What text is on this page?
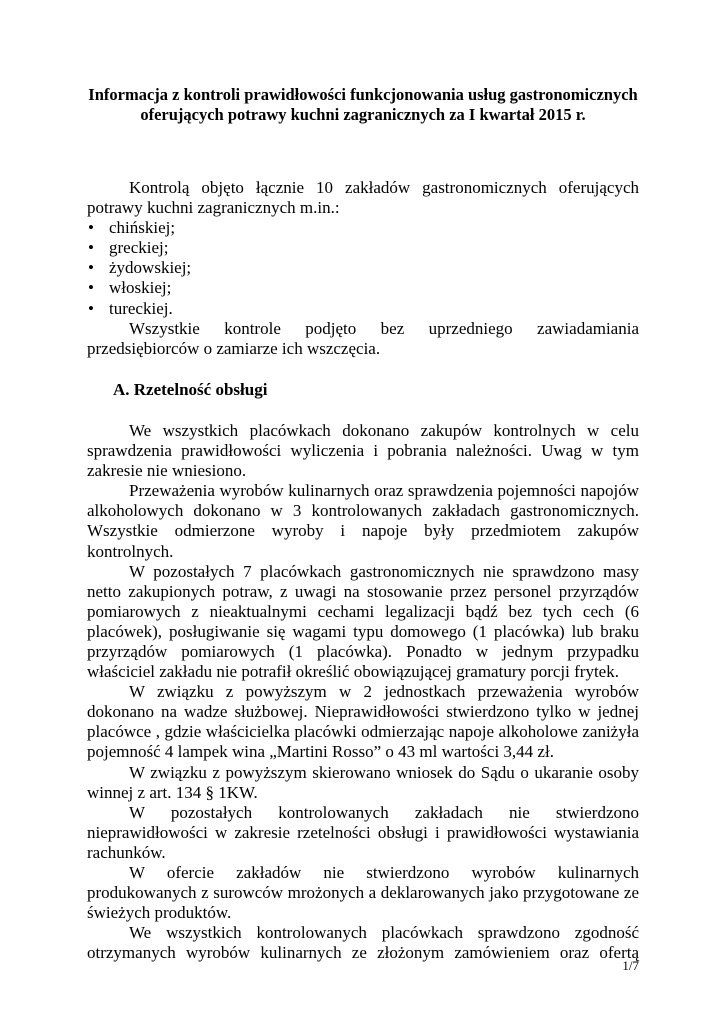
Informacja z kontroli prawidłowości funkcjonowania usług gastronomicznych oferujących potrawy kuchni zagranicznych za I kwartał 2015 r.

Kontrolą objęto łącznie 10 zakładów gastronomicznych oferujących potrawy kuchni zagranicznych m.in.:

• chińskiej;
• greckiej;
• żydowskiej;
• włoskiej;
• tureckiej.

Wszystkie kontrole podjęto bez uprzedniego zawiadamiania przedsiębiorców o zamiarze ich wszczęcia.

A. Rzetelność obsługi

We wszystkich placówkach dokonano zakupów kontrolnych w celu sprawdzenia prawidłowości wyliczenia i pobrania należności. Uwag w tym zakresie nie wniesiono.

Przeważenia wyrobów kulinarnych oraz sprawdzenia pojemności napojów alkoholowych dokonano w 3 kontrolowanych zakładach gastronomicznych. Wszystkie odmierzone wyroby i napoje były przedmiotem zakupów kontrolnych.

W pozostałych 7 placówkach gastronomicznych nie sprawdzono masy netto zakupionych potraw, z uwagi na stosowanie przez personel przyrządów pomiarowych z nieaktualnymi cechami legalizacji bądź bez tych cech (6 placówek), posługiwanie się wagami typu domowego (1 placówka) lub braku przyrządów pomiarowych (1 placówka). Ponadto w jednym przypadku właściciel zakładu nie potrafił określić obowiązującej gramatury porcji frytek.

W związku z powyższym w 2 jednostkach przeważenia wyrobów dokonano na wadze służbowej. Nieprawidłowości stwierdzono tylko w jednej placówce , gdzie właścicielka placówki odmierzając napoje alkoholowe zaniżyła pojemność 4 lampek wina „Martini Rosso” o 43 ml wartości 3,44 zł.

W związku z powyższym skierowano wniosek do Sądu o ukaranie osoby winnej z art. 134 § 1KW.

W pozostałych kontrolowanych zakładach nie stwierdzono nieprawidłowości w zakresie rzetelności obsługi i prawidłowości wystawiania rachunków.

W ofercie zakładów nie stwierdzono wyrobów kulinarnych produkowanych z surowców mrożonych a deklarowanych jako przygotowane ze świeżych produktów.

We wszystkich kontrolowanych placówkach sprawdzono zgodność otrzymanych wyrobów kulinarnych ze złożonym zamówieniem oraz ofertą

1/7
